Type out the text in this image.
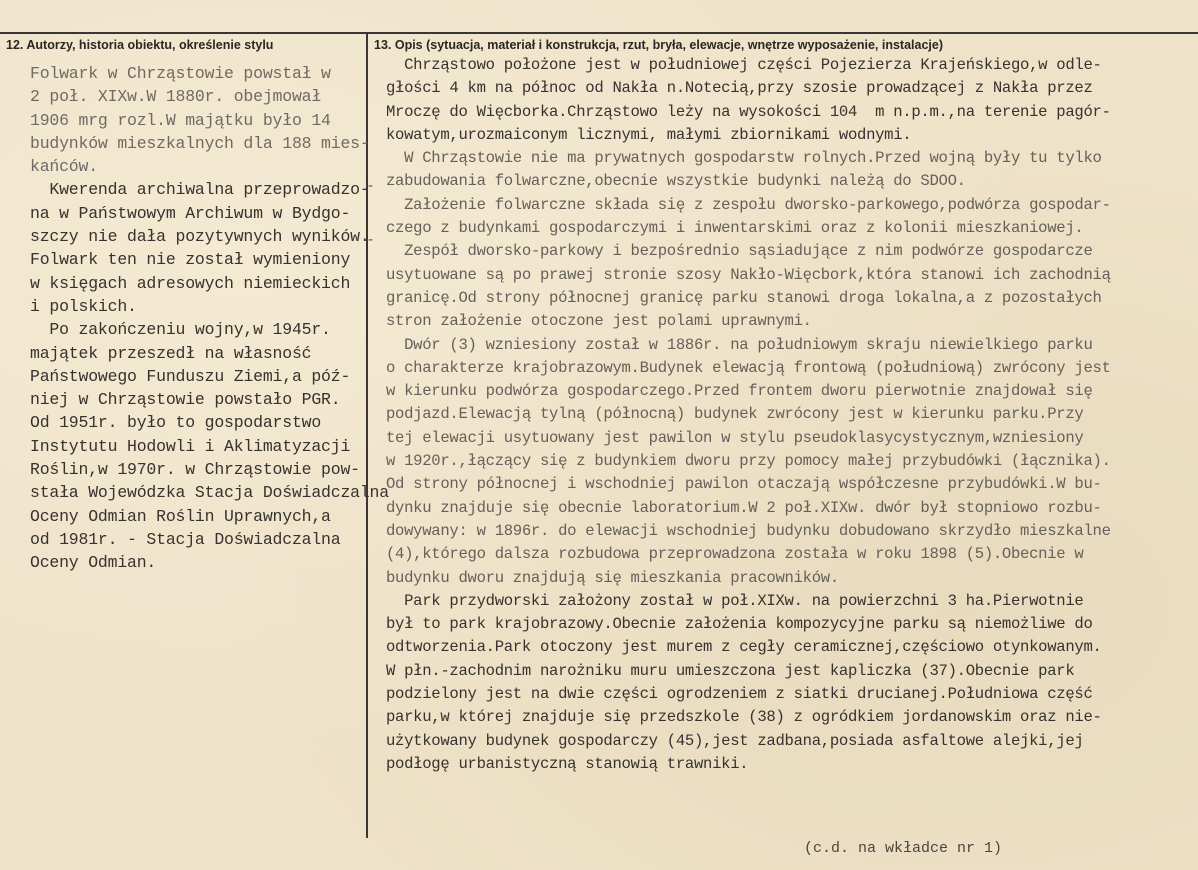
12. Autorzy, historia obiektu, określenie stylu	13. Opis (sytuacja, materiał i konstrukcja, rzut, bryła, elewacje, wnętrze wyposażenie, instalacje)
Folwark w Chrząstowie powstał w
2 poł. XIXw.W 1880r. obejmował
1906 mrg rozl.W majątku było 14
budynków mieszkalnych dla 188 mies-
kańców.
Kwerenda archiwalna przeprowadzo-
na w Państwowym Archiwum w Bydgo-
szczy nie dała pozytywnych wyników.
Folwark ten nie został wymieniony
w księgach adresowych niemieckich
i polskich.
Po zakończeniu wojny,w 1945r.
majątek przeszedł na własność
Państwowego Funduszu Ziemi,a póź-
niej w Chrząstowie powstało PGR.
Od 1951r. było to gospodarstwo
Instytutu Hodowli i Aklimatyzacji
Roślin,w 1970r. w Chrząstowie pow-
stała Wojewódzka Stacja Doświadczalna
Oceny Odmian Roślin Uprawnych,a
od 1981r. - Stacja Doświadczalna
Oceny Odmian.
Chrząstowo położone jest w południowej części Pojezierza Krajeńskiego,w odle-
głości 4 km na północ od Nakła n.Notecią,przy szosie prowadzącej z Nakła przez
Mroczę do Więcborka.Chrząstowo leży na wysokości 104  m n.p.m.,na terenie pagór-
kowatym,urozmaiconym licznymi, małymi zbiornikami wodnymi.
W Chrząstowie nie ma prywatnych gospodarstw rolnych.Przed wojną były tu tylko
zabudowania folwarczne,obecnie wszystkie budynki należą do SDOO.
Założenie folwarczne składa się z zespołu dworsko-parkowego,podwórza gospodar-
czego z budynkami gospodarczymi i inwentarskimi oraz z kolonii mieszkaniowej.
Zespół dworsko-parkowy i bezpośrednio sąsiadujące z nim podwórze gospodarcze
usytuowane są po prawej stronie szosy Nakło-Więcbork,która stanowi ich zachodnią
granicę.Od strony północnej granicę parku stanowi droga lokalna,a z pozostałych
stron założenie otoczone jest polami uprawnymi.
Dwór (3) wzniesiony został w 1886r. na południowym skraju niewielkiego parku
o charakterze krajobrazowym.Budynek elewacją frontową (południową) zwrócony jest
w kierunku podwórza gospodarczego.Przed frontem dworu pierwotnie znajdował się
podjazd.Elewacją tylną (północną) budynek zwrócony jest w kierunku parku.Przy
tej elewacji usytuowany jest pawilon w stylu pseudoklasycystycznym,wzniesiony
w 1920r.,łączący się z budynkiem dworu przy pomocy małej przybudówki (łącznika).
Od strony północnej i wschodniej pawilon otaczają współczesne przybudówki.W bu-
dynku znajduje się obecnie laboratorium.W 2 poł.XIXw. dwór był stopniowo rozbu-
dowywany: w 1896r. do elewacji wschodniej budynku dobudowano skrzydło mieszkalne
(4),którego dalsza rozbudowa przeprowadzona została w roku 1898 (5).Obecnie w
budynku dworu znajdują się mieszkania pracowników.
Park przydworski założony został w poł.XIXw. na powierzchni 3 ha.Pierwotnie
był to park krajobrazowy.Obecnie założenia kompozycyjne parku są niemożliwe do
odtworzenia.Park otoczony jest murem z cegły ceramicznej,częściowo otynkowanym.
W płn.-zachodnim narożniku muru umieszczona jest kapliczka (37).Obecnie park
podzielony jest na dwie części ogrodzeniem z siatki drucianej.Południowa część
parku,w której znajduje się przedszkole (38) z ogródkiem jordanowskim oraz nie-
użytkowany budynek gospodarczy (45),jest zadbana,posiada asfaltowe alejki,jej
podłogę urbanistyczną stanowią trawniki.
(c.d. na wkładce nr 1)
-
-
